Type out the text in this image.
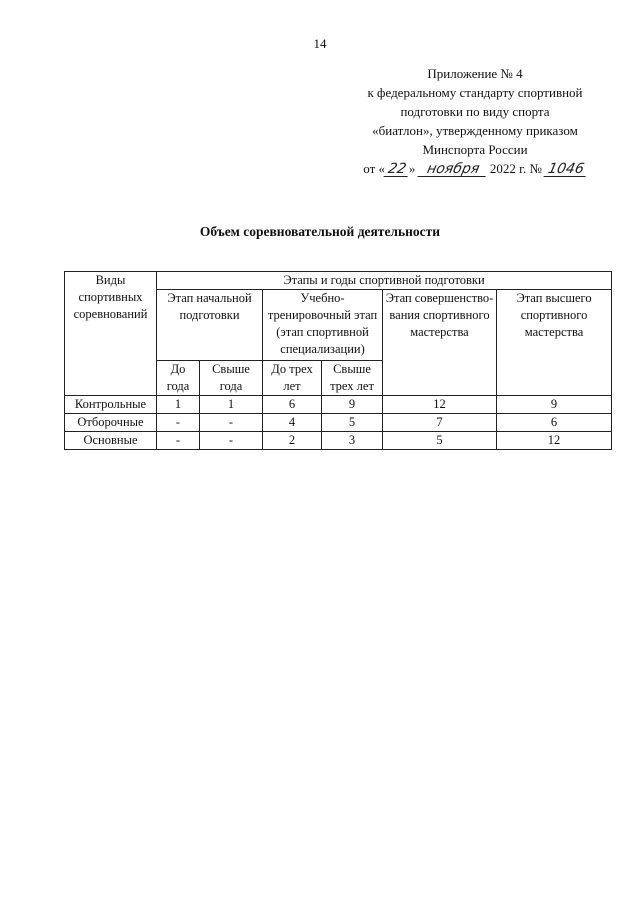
14
Приложение № 4
к федеральному стандарту спортивной
подготовки по виду спорта
«биатлон», утвержденному приказом
Минспорта России
от « 22» ноября 2022 г. № 1046
Объем соревновательной деятельности
Виды спортивных соревнований	Этапы и годы спортивной подготовки					
	Этап начальной подготовки		Учебно-тренировочный этап (этап спортивной специализации)		Этап совершенство-вания спортивного мастерства	Этап высшего спортивного мастерства
	До года	Свыше года	До трех лет	Свыше трех лет		
Контрольные	1	1	6	9	12	9
Отборочные	-	-	4	5	7	6
Основные	-	-	2	3	5	12
